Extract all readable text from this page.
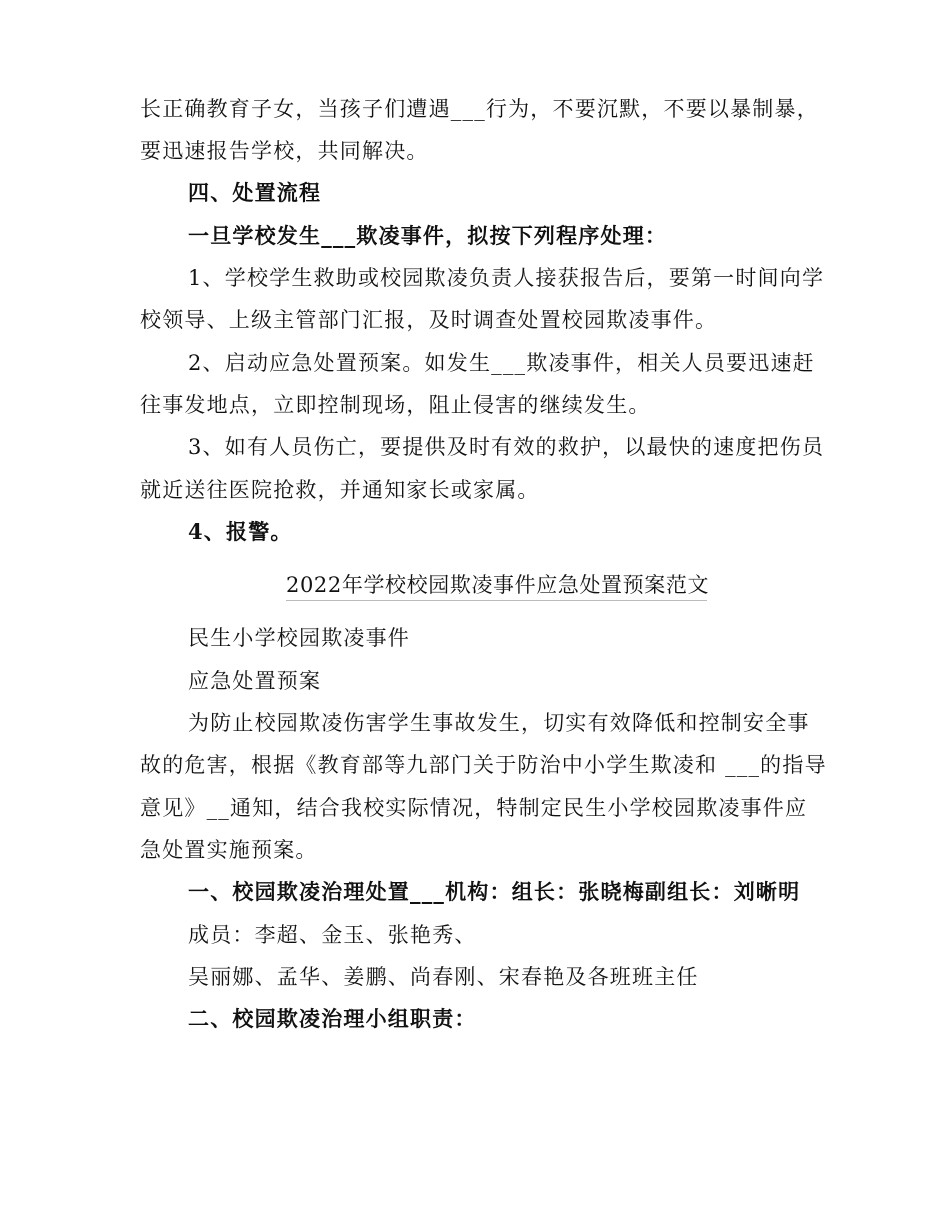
长正确教育子女，当孩子们遭遇___行为，不要沉默，不要以暴制暴，
要迅速报告学校，共同解决。
四、处置流程
一旦学校发生___欺凌事件，拟按下列程序处理：
1、学校学生救助或校园欺凌负责人接获报告后，要第一时间向学
校领导、上级主管部门汇报，及时调查处置校园欺凌事件。
2、启动应急处置预案。如发生___欺凌事件，相关人员要迅速赶
往事发地点，立即控制现场，阻止侵害的继续发生。
3、如有人员伤亡，要提供及时有效的救护，以最快的速度把伤员
就近送往医院抢救，并通知家长或家属。
4、报警。
2022年学校校园欺凌事件应急处置预案范文
民生小学校园欺凌事件
应急处置预案
为防止校园欺凌伤害学生事故发生，切实有效降低和控制安全事
故的危害，根据《教育部等九部门关于防治中小学生欺凌和 ___的指导
意见》__通知，结合我校实际情况，特制定民生小学校园欺凌事件应
急处置实施预案。
一、校园欺凌治理处置___机构：组长：张晓梅副组长：刘晰明
成员：李超、金玉、张艳秀、
吴丽娜、孟华、姜鹏、尚春刚、宋春艳及各班班主任
二、校园欺凌治理小组职责：
